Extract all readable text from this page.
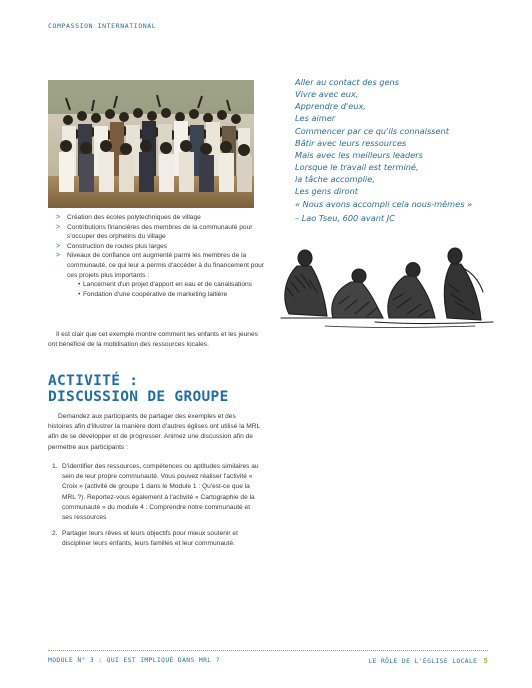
COMPASSION INTERNATIONAL
> Création des écoles polytechniques de village
> Contributions financières des membres de la communauté pour s'occuper des orphelins du village
> Construction de routes plus larges
> Niveaux de confiance ont augmenté parmi les membres de la communauté, ce qui leur a permis d'accéder à du financement pour ces projets plus importants :
• Lancement d'un projet d'apport en eau et de canalisations
• Fondation d'une coopérative de marketing laitière
Il est clair que cet exemple montre comment les enfants et les jeunes ont bénéficié de la mobilisation des ressources locales.
ACTIVITÉ :
DISCUSSION DE GROUPE
Demandez aux participants de partager des exemples et des histoires afin d'illustrer la manière dont d'autres églises ont utilisé la MRL afin de se développer et de progresser. Animez une discussion afin de permettre aux participants :
1. D'identifier des ressources, compétences ou aptitudes similaires au sein de leur propre communauté. Vous pouvez réaliser l'activité « Croix » (activité de groupe 1 dans le Module 1 : Qu'est-ce que la MRL ?). Reportez-vous également à l'activité « Cartographie de la communauté » du module 4 : Comprendre notre communauté et ses ressources
2. Partager leurs rêves et leurs objectifs pour mieux soutenir et discipliner leurs enfants, leurs familles et leur communauté.
Aller au contact des gens
Vivre avec eux,
Apprendre d'eux,
Les aimer
Commencer par ce qu'ils connaissent
Bâtir avec leurs ressources
Mais avec les meilleurs leaders
Lorsque le travail est terminé,
la tâche accomplie,
Les gens diront
« Nous avons accompli cela nous-mêmes »
– Lao Tseu, 600 avant JC
MODULE N° 3 : QUI EST IMPLIQUÉ DANS MRL ?	LE RÔLE DE L'ÉGLISE LOCALE 5
